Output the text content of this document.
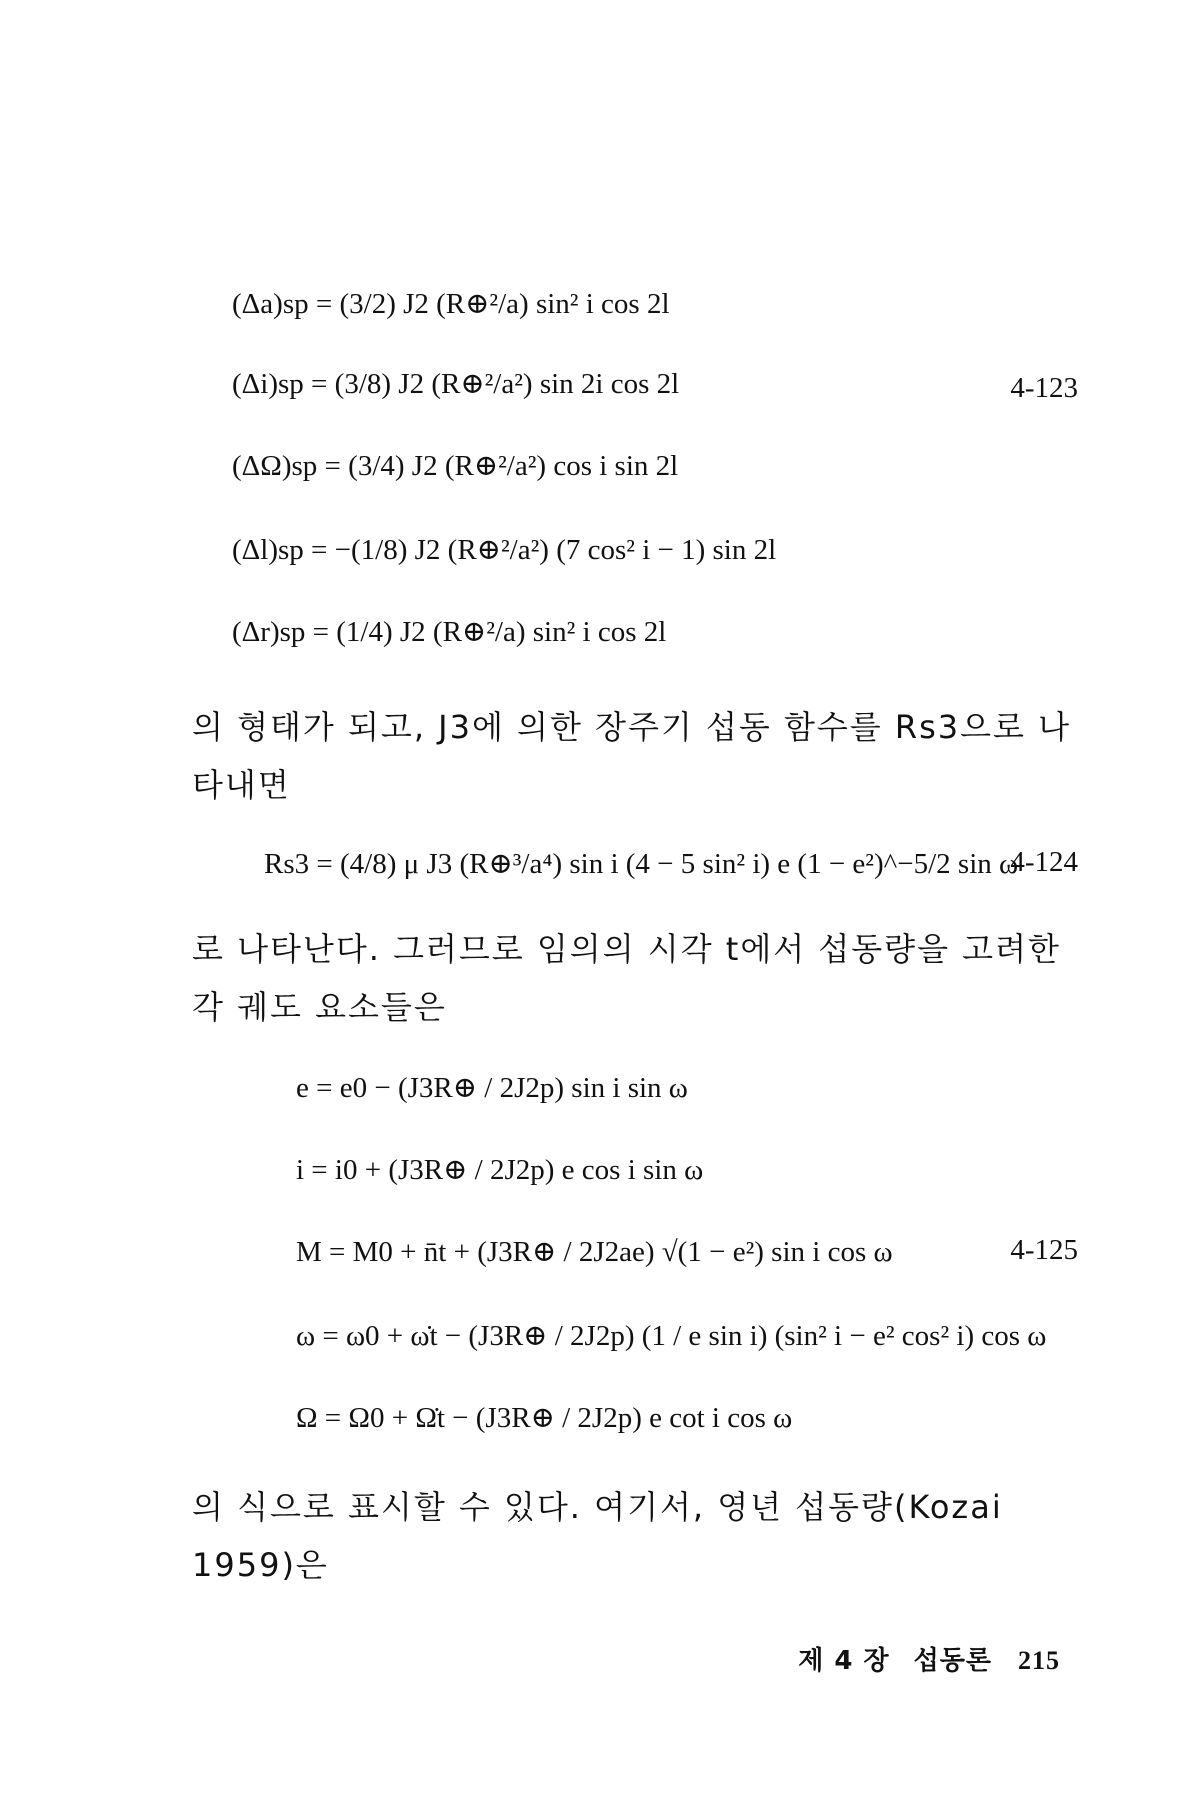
(Δa)sp = (3/2) J2 (R⊕²/a) sin² i cos 2l
(Δi)sp = (3/8) J2 (R⊕²/a²) sin 2i cos 2l
(ΔΩ)sp = (3/4) J2 (R⊕²/a²) cos i sin 2l
(Δl)sp = −(1/8) J2 (R⊕²/a²) (7 cos² i − 1) sin 2l
(Δr)sp = (1/4) J2 (R⊕²/a) sin² i cos 2l
4-123
의 형태가 되고, J3에 의한 장주기 섭동 함수를 Rs3으로 나타내면
Rs3 = (4/8) μ J3 (R⊕³/a⁴) sin i (4 − 5 sin² i) e (1 − e²)^−5/2 sin ω
4-124
로 나타난다. 그러므로 임의의 시각 t에서 섭동량을 고려한 각 궤도 요소들은
e = e0 − (J3R⊕ / 2J2p) sin i sin ω
i = i0 + (J3R⊕ / 2J2p) e cos i sin ω
M = M0 + n̄t + (J3R⊕ / 2J2ae) √(1 − e²) sin i cos ω
ω = ω0 + ω̇t − (J3R⊕ / 2J2p) (1 / e sin i) (sin² i − e² cos² i) cos ω
Ω = Ω0 + Ω̇t − (J3R⊕ / 2J2p) e cot i cos ω
4-125
의 식으로 표시할 수 있다. 여기서, 영년 섭동량(Kozai 1959)은
제 4 장 섭동론 215
